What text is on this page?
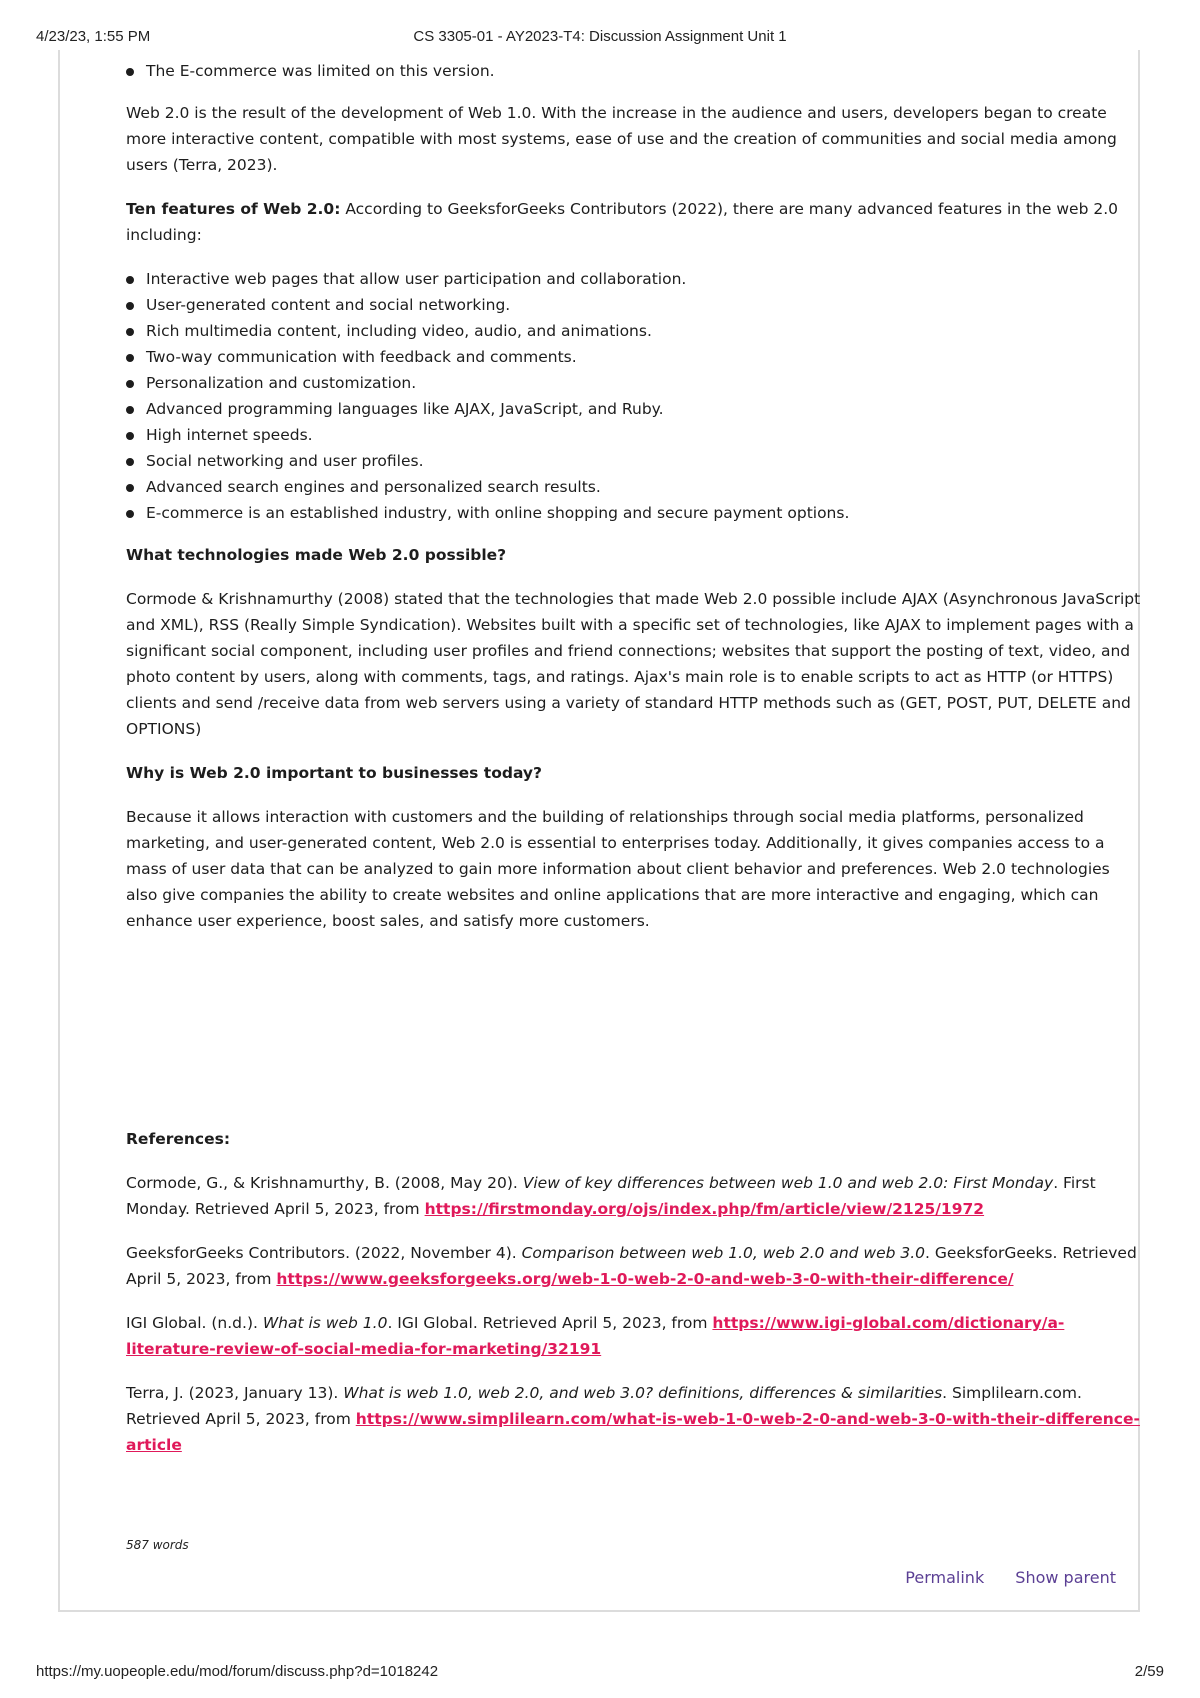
4/23/23, 1:55 PM	CS 3305-01 - AY2023-T4: Discussion Assignment Unit 1
The E-commerce was limited on this version.

Web 2.0 is the result of the development of Web 1.0. With the increase in the audience and users, developers began to create more interactive content, compatible with most systems, ease of use and the creation of communities and social media among users (Terra, 2023).

Ten features of Web 2.0: According to GeeksforGeeks Contributors (2022), there are many advanced features in the web 2.0 including:

Interactive web pages that allow user participation and collaboration.
User-generated content and social networking.
Rich multimedia content, including video, audio, and animations.
Two-way communication with feedback and comments.
Personalization and customization.
Advanced programming languages like AJAX, JavaScript, and Ruby.
High internet speeds.
Social networking and user profiles.
Advanced search engines and personalized search results.
E-commerce is an established industry, with online shopping and secure payment options.
What technologies made Web 2.0 possible?

Cormode & Krishnamurthy (2008) stated that the technologies that made Web 2.0 possible include AJAX (Asynchronous JavaScript and XML), RSS (Really Simple Syndication). Websites built with a specific set of technologies, like AJAX to implement pages with a significant social component, including user profiles and friend connections; websites that support the posting of text, video, and photo content by users, along with comments, tags, and ratings. Ajax's main role is to enable scripts to act as HTTP (or HTTPS) clients and send /receive data from web servers using a variety of standard HTTP methods such as (GET, POST, PUT, DELETE and OPTIONS)

Why is Web 2.0 important to businesses today?

Because it allows interaction with customers and the building of relationships through social media platforms, personalized marketing, and user-generated content, Web 2.0 is essential to enterprises today. Additionally, it gives companies access to a mass of user data that can be analyzed to gain more information about client behavior and preferences. Web 2.0 technologies also give companies the ability to create websites and online applications that are more interactive and engaging, which can enhance user experience, boost sales, and satisfy more customers.

References:
Cormode, G., & Krishnamurthy, B. (2008, May 20). View of key differences between web 1.0 and web 2.0: First Monday. First Monday. Retrieved April 5, 2023, from https://firstmonday.org/ojs/index.php/fm/article/view/2125/1972
GeeksforGeeks Contributors. (2022, November 4). Comparison between web 1.0, web 2.0 and web 3.0. GeeksforGeeks. Retrieved April 5, 2023, from https://www.geeksforgeeks.org/web-1-0-web-2-0-and-web-3-0-with-their-difference/
IGI Global. (n.d.). What is web 1.0. IGI Global. Retrieved April 5, 2023, from https://www.igi-global.com/dictionary/a-literature-review-of-social-media-for-marketing/32191
Terra, J. (2023, January 13). What is web 1.0, web 2.0, and web 3.0? definitions, differences & similarities. Simplilearn.com. Retrieved April 5, 2023, from https://www.simplilearn.com/what-is-web-1-0-web-2-0-and-web-3-0-with-their-difference-article
587 words
Permalink Show parent
https://my.uopeople.edu/mod/forum/discuss.php?d=1018242	2/59
